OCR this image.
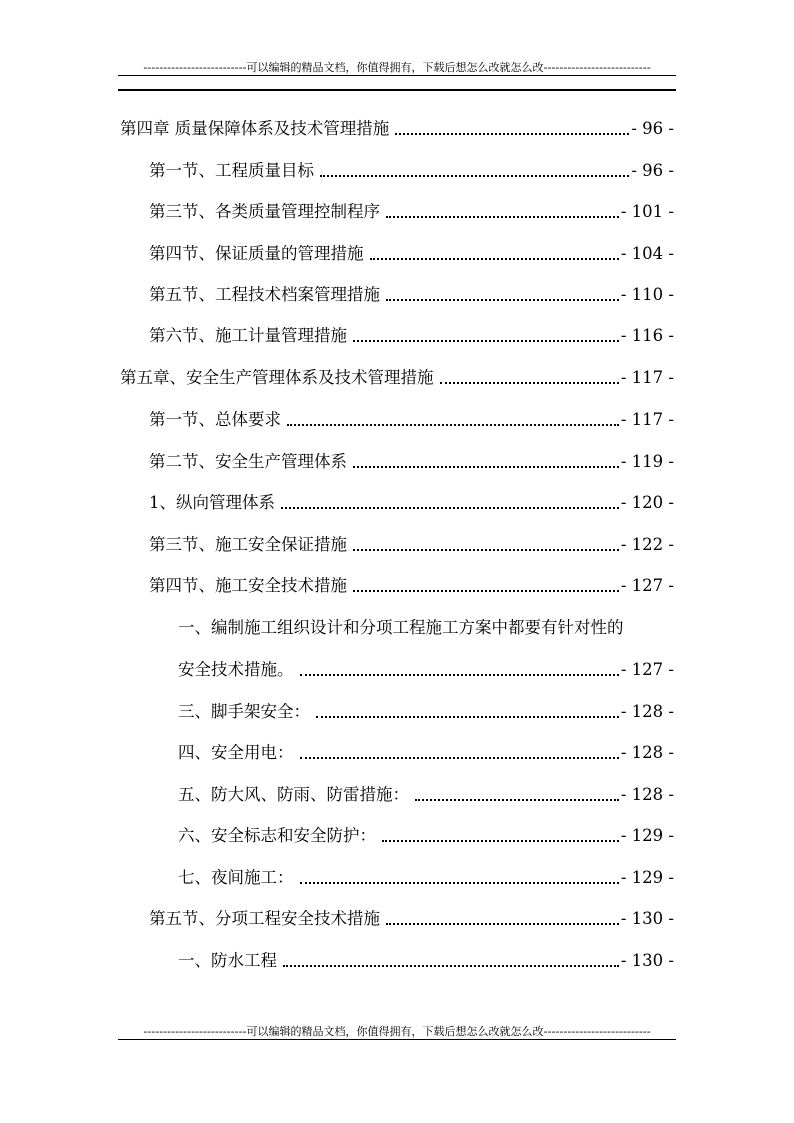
--------------------------可以编辑的精品文档，你值得拥有，下载后想怎么改就怎么改---------------------------
第四章 质量保障体系及技术管理措施	- 96 -
第一节、工程质量目标	- 96 -
第三节、各类质量管理控制程序	- 101 -
第四节、保证质量的管理措施	- 104 -
第五节、工程技术档案管理措施	- 110 -
第六节、施工计量管理措施	- 116 -
第五章、安全生产管理体系及技术管理措施	- 117 -
第一节、总体要求	- 117 -
第二节、安全生产管理体系	- 119 -
1、纵向管理体系	- 120 -
第三节、施工安全保证措施	- 122 -
第四节、施工安全技术措施	- 127 -
一、编制施工组织设计和分项工程施工方案中都要有针对性的
安全技术措施。	- 127 -
三、脚手架安全：	- 128 -
四、安全用电：	- 128 -
五、防大风、防雨、防雷措施：	- 128 -
六、安全标志和安全防护：	- 129 -
七、夜间施工：	- 129 -
第五节、分项工程安全技术措施	- 130 -
一、防水工程	- 130 -
--------------------------可以编辑的精品文档，你值得拥有，下载后想怎么改就怎么改---------------------------
